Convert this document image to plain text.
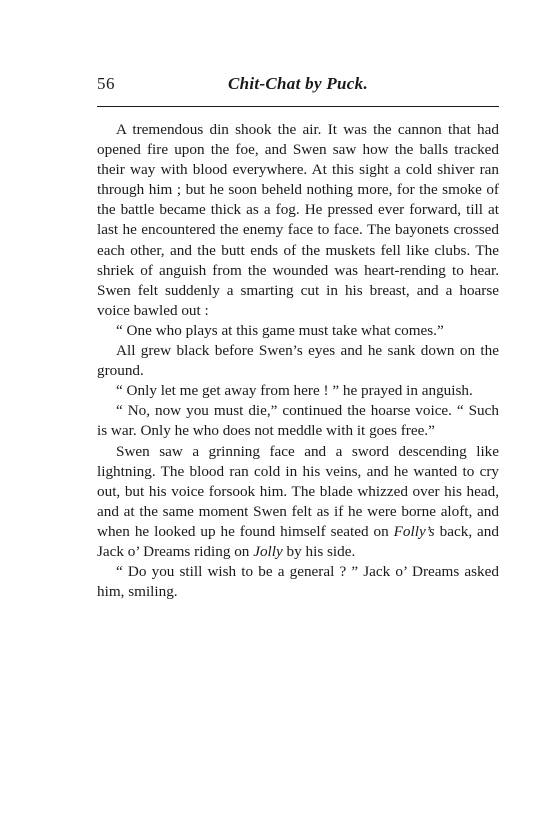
56	Chit-Chat by Puck.

A tremendous din shook the air. It was the cannon that had opened fire upon the foe, and Swen saw how the balls tracked their way with blood everywhere. At this sight a cold shiver ran through him ; but he soon beheld nothing more, for the smoke of the battle became thick as a fog. He pressed ever forward, till at last he encountered the enemy face to face. The bayonets crossed each other, and the butt ends of the muskets fell like clubs. The shriek of anguish from the wounded was heart-rending to hear. Swen felt suddenly a smarting cut in his breast, and a hoarse voice bawled out :

“ One who plays at this game must take what comes.”

All grew black before Swen’s eyes and he sank down on the ground.

“ Only let me get away from here ! ” he prayed in anguish.

“ No, now you must die,” continued the hoarse voice. “ Such is war. Only he who does not meddle with it goes free.”

Swen saw a grinning face and a sword descending like lightning. The blood ran cold in his veins, and he wanted to cry out, but his voice forsook him. The blade whizzed over his head, and at the same moment Swen felt as if he were borne aloft, and when he looked up he found himself seated on Folly’s back, and Jack o’ Dreams riding on Jolly by his side.

“ Do you still wish to be a general ? ” Jack o’ Dreams asked him, smiling.
